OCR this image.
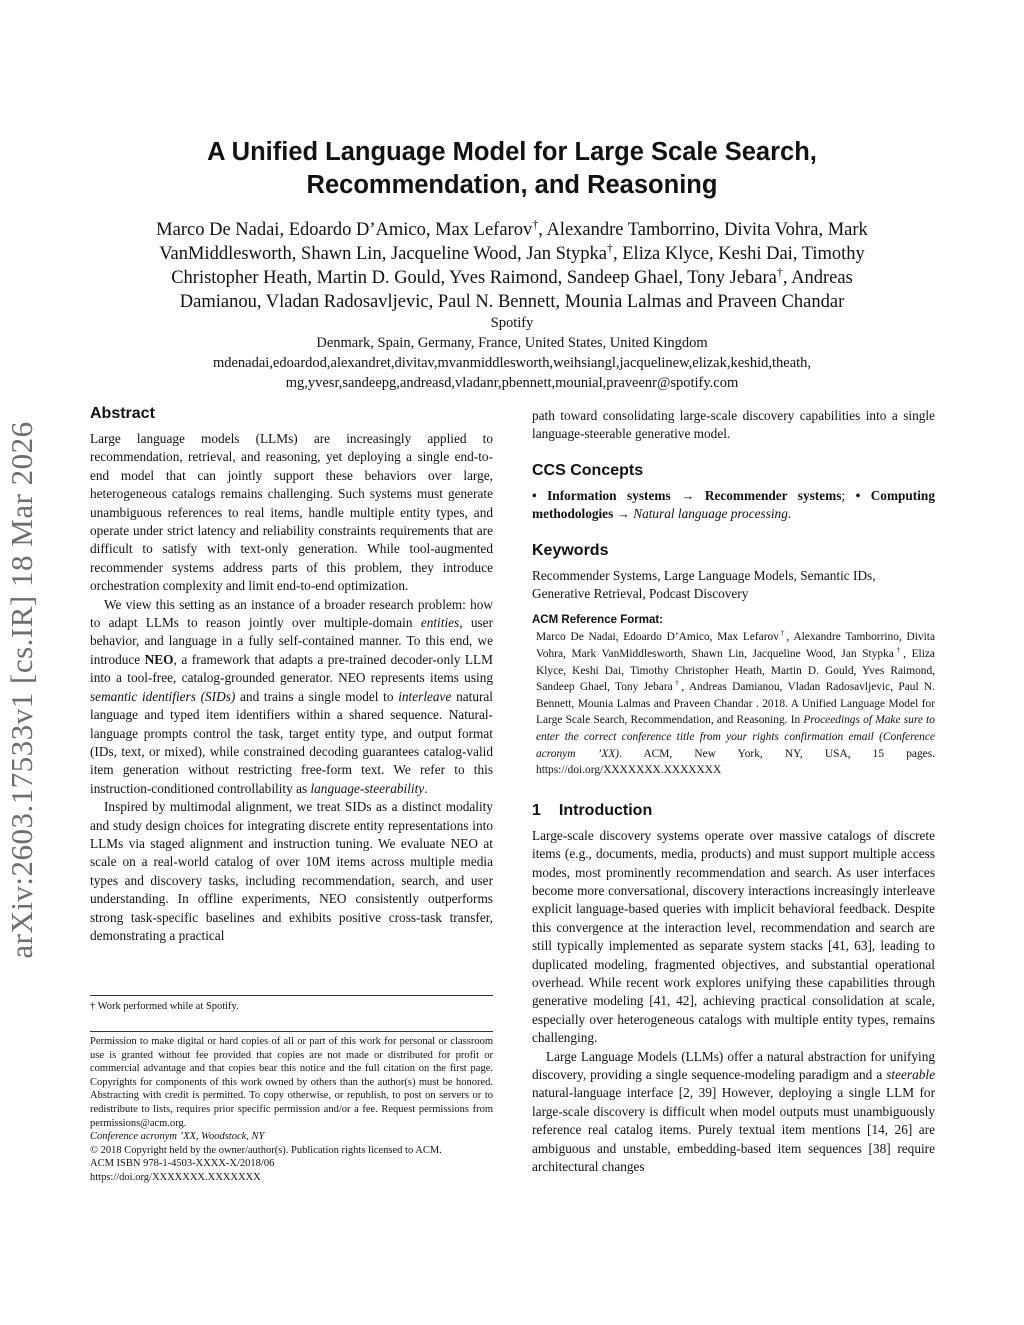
arXiv:2603.17533v1 [cs.IR] 18 Mar 2026
A Unified Language Model for Large Scale Search,
Recommendation, and Reasoning
Marco De Nadai, Edoardo D’Amico, Max Lefarov†, Alexandre Tamborrino, Divita Vohra, Mark
VanMiddlesworth, Shawn Lin, Jacqueline Wood, Jan Stypka†, Eliza Klyce, Keshi Dai, Timothy
Christopher Heath, Martin D. Gould, Yves Raimond, Sandeep Ghael, Tony Jebara†, Andreas
Damianou, Vladan Radosavljevic, Paul N. Bennett, Mounia Lalmas and Praveen Chandar
Spotify
Denmark, Spain, Germany, France, United States, United Kingdom
mdenadai,edoardod,alexandret,divitav,mvanmiddlesworth,weihsiangl,jacquelinew,elizak,keshid,theath,
mg,yvesr,sandeepg,andreasd,vladanr,pbennett,mounial,praveenr@spotify.com
Abstract

Large language models (LLMs) are increasingly applied to recommendation, retrieval, and reasoning, yet deploying a single end-to-end model that can jointly support these behaviors over large, heterogeneous catalogs remains challenging. Such systems must generate unambiguous references to real items, handle multiple entity types, and operate under strict latency and reliability constraints requirements that are difficult to satisfy with text-only generation. While tool-augmented recommender systems address parts of this problem, they introduce orchestration complexity and limit end-to-end optimization.

We view this setting as an instance of a broader research problem: how to adapt LLMs to reason jointly over multiple-domain entities, user behavior, and language in a fully self-contained manner. To this end, we introduce NEO, a framework that adapts a pre-trained decoder-only LLM into a tool-free, catalog-grounded generator. NEO represents items using semantic identifiers (SIDs) and trains a single model to interleave natural language and typed item identifiers within a shared sequence. Natural-language prompts control the task, target entity type, and output format (IDs, text, or mixed), while constrained decoding guarantees catalog-valid item generation without restricting free-form text. We refer to this instruction-conditioned controllability as language-steerability.

Inspired by multimodal alignment, we treat SIDs as a distinct modality and study design choices for integrating discrete entity representations into LLMs via staged alignment and instruction tuning. We evaluate NEO at scale on a real-world catalog of over 10M items across multiple media types and discovery tasks, including recommendation, search, and user understanding. In offline experiments, NEO consistently outperforms strong task-specific baselines and exhibits positive cross-task transfer, demonstrating a practical

† Work performed while at Spotify.
Permission to make digital or hard copies of all or part of this work for personal or classroom use is granted without fee provided that copies are not made or distributed for profit or commercial advantage and that copies bear this notice and the full citation on the first page. Copyrights for components of this work owned by others than the author(s) must be honored. Abstracting with credit is permitted. To copy otherwise, or republish, to post on servers or to redistribute to lists, requires prior specific permission and/or a fee. Request permissions from permissions@acm.org.
Conference acronym ’XX, Woodstock, NY
© 2018 Copyright held by the owner/author(s). Publication rights licensed to ACM.
ACM ISBN 978-1-4503-XXXX-X/2018/06
https://doi.org/XXXXXXX.XXXXXXX

path toward consolidating large-scale discovery capabilities into a single language-steerable generative model.

CCS Concepts

• Information systems → Recommender systems; • Computing methodologies → Natural language processing.

Keywords

Recommender Systems, Large Language Models, Semantic IDs, Generative Retrieval, Podcast Discovery

ACM Reference Format:

Marco De Nadai, Edoardo D’Amico, Max Lefarov†, Alexandre Tamborrino, Divita Vohra, Mark VanMiddlesworth, Shawn Lin, Jacqueline Wood, Jan Stypka†, Eliza Klyce, Keshi Dai, Timothy Christopher Heath, Martin D. Gould, Yves Raimond, Sandeep Ghael, Tony Jebara†, Andreas Damianou, Vladan Radosavljevic, Paul N. Bennett, Mounia Lalmas and Praveen Chandar . 2018. A Unified Language Model for Large Scale Search, Recommendation, and Reasoning. In Proceedings of Make sure to enter the correct conference title from your rights confirmation email (Conference acronym ’XX). ACM, New York, NY, USA, 15 pages. https://doi.org/XXXXXXX.XXXXXXX

1 Introduction

Large-scale discovery systems operate over massive catalogs of discrete items (e.g., documents, media, products) and must support multiple access modes, most prominently recommendation and search. As user interfaces become more conversational, discovery interactions increasingly interleave explicit language-based queries with implicit behavioral feedback. Despite this convergence at the interaction level, recommendation and search are still typically implemented as separate system stacks [41, 63], leading to duplicated modeling, fragmented objectives, and substantial operational overhead. While recent work explores unifying these capabilities through generative modeling [41, 42], achieving practical consolidation at scale, especially over heterogeneous catalogs with multiple entity types, remains challenging.

Large Language Models (LLMs) offer a natural abstraction for unifying discovery, providing a single sequence-modeling paradigm and a steerable natural-language interface [2, 39] However, deploying a single LLM for large-scale discovery is difficult when model outputs must unambiguously reference real catalog items. Purely textual item mentions [14, 26] are ambiguous and unstable, embedding-based item sequences [38] require architectural changes
